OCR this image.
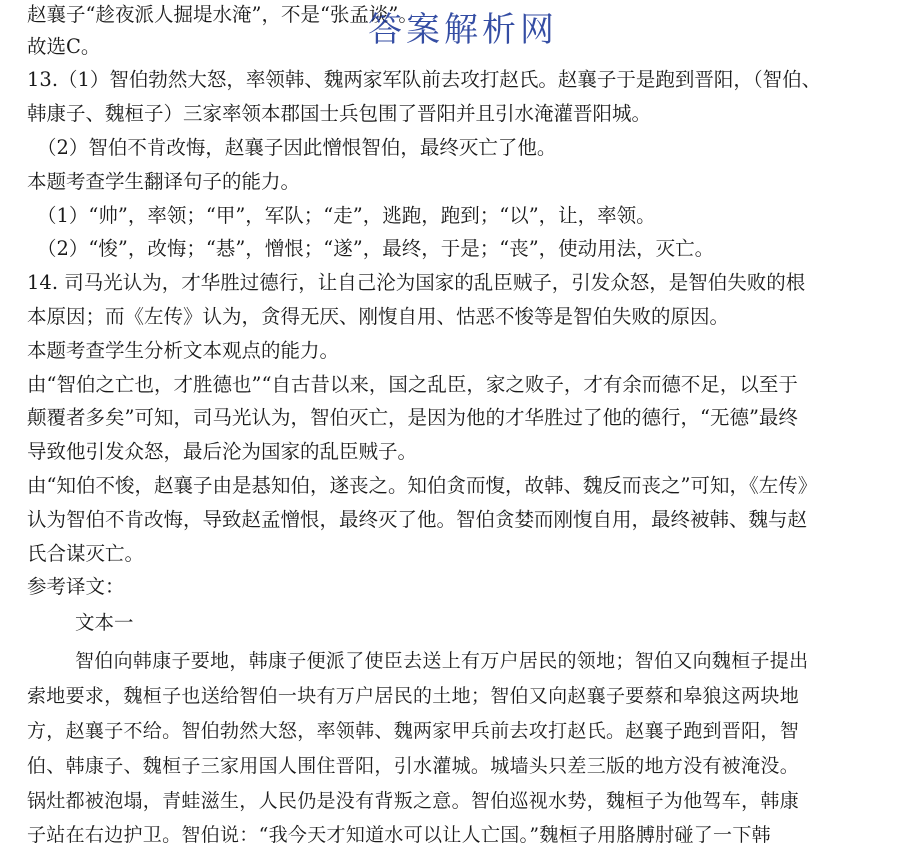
赵襄子“趁夜派人掘堤水淹”，不是“张孟谈”。
故选C。
13.（1）智伯勃然大怒，率领韩、魏两家军队前去攻打赵氏。赵襄子于是跑到晋阳，（智伯、
韩康子、魏桓子）三家率领本郡国士兵包围了晋阳并且引水淹灌晋阳城。
（2）智伯不肯改悔，赵襄子因此憎恨智伯，最终灭亡了他。
本题考查学生翻译句子的能力。
（1）“帅”，率领；“甲”，军队；“走”，逃跑，跑到；“以”，让，率领。
（2）“悛”，改悔；“惎”，憎恨；“遂”，最终，于是；“丧”，使动用法，灭亡。
14. 司马光认为，才华胜过德行，让自己沦为国家的乱臣贼子，引发众怒，是智伯失败的根
本原因；而《左传》认为，贪得无厌、刚愎自用、怙恶不悛等是智伯失败的原因。
本题考查学生分析文本观点的能力。
由“智伯之亡也，才胜德也”“自古昔以来，国之乱臣，家之败子，才有余而德不足，以至于
颠覆者多矣”可知，司马光认为，智伯灭亡，是因为他的才华胜过了他的德行，“无德”最终
导致他引发众怒，最后沦为国家的乱臣贼子。
由“知伯不悛，赵襄子由是惎知伯，遂丧之。知伯贪而愎，故韩、魏反而丧之”可知，《左传》
认为智伯不肯改悔，导致赵孟憎恨，最终灭了他。智伯贪婪而刚愎自用，最终被韩、魏与赵
氏合谋灭亡。
参考译文：
文本一
智伯向韩康子要地，韩康子便派了使臣去送上有万户居民的领地；智伯又向魏桓子提出
索地要求，魏桓子也送给智伯一块有万户居民的土地；智伯又向赵襄子要蔡和皋狼这两块地
方，赵襄子不给。智伯勃然大怒，率领韩、魏两家甲兵前去攻打赵氏。赵襄子跑到晋阳，智
伯、韩康子、魏桓子三家用国人围住晋阳，引水灌城。城墙头只差三版的地方没有被淹没。
锅灶都被泡塌，青蛙滋生，人民仍是没有背叛之意。智伯巡视水势，魏桓子为他驾车，韩康
子站在右边护卫。智伯说：“我今天才知道水可以让人亡国。”魏桓子用胳膊肘碰了一下韩
答案解析网
